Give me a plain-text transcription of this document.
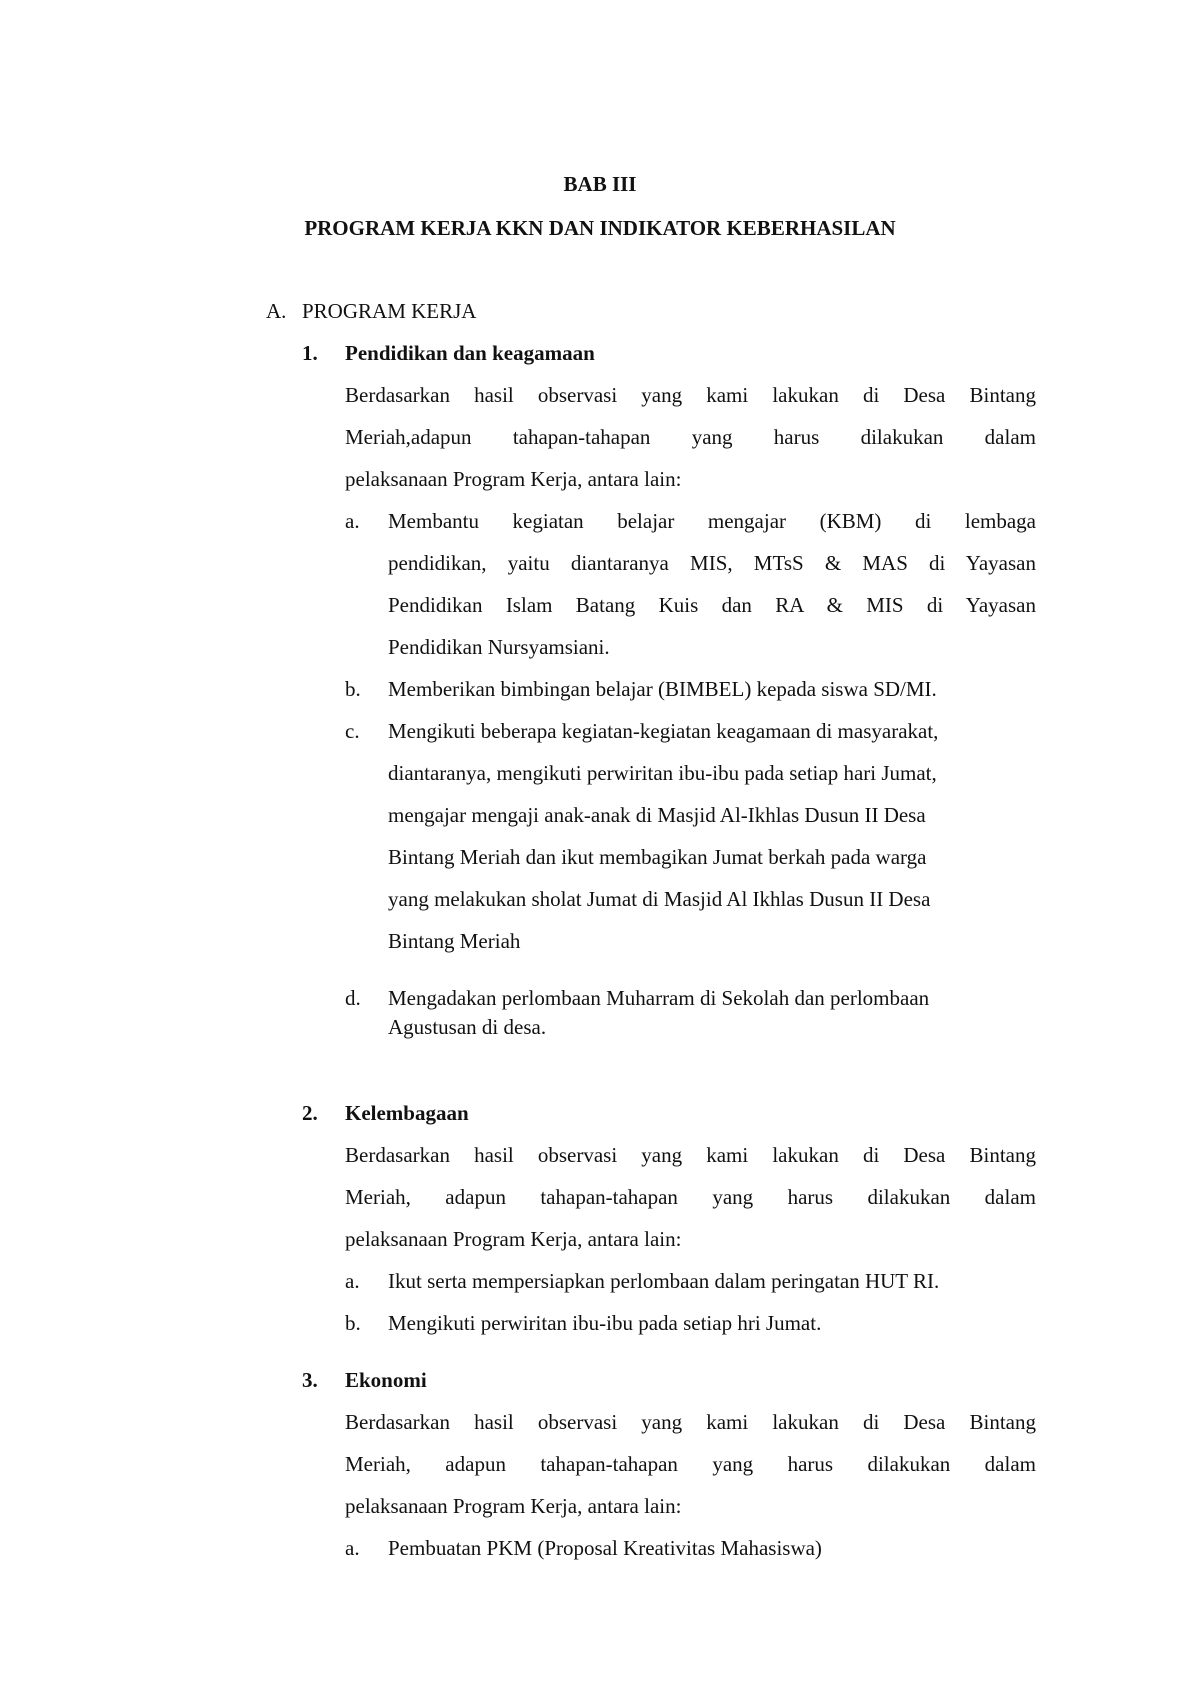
BAB III
PROGRAM KERJA KKN DAN INDIKATOR KEBERHASILAN
A. PROGRAM KERJA
1. Pendidikan dan keagamaan
Berdasarkan hasil observasi yang kami lakukan di Desa Bintang
Meriah,adapun tahapan-tahapan yang harus dilakukan dalam
pelaksanaan Program Kerja, antara lain:
a. Membantu kegiatan belajar mengajar (KBM) di lembaga
pendidikan, yaitu diantaranya MIS, MTsS & MAS di Yayasan
Pendidikan Islam Batang Kuis dan RA & MIS di Yayasan
Pendidikan Nursyamsiani.
b. Memberikan bimbingan belajar (BIMBEL) kepada siswa SD/MI.
c. Mengikuti beberapa kegiatan-kegiatan keagamaan di masyarakat,
diantaranya, mengikuti perwiritan ibu-ibu pada setiap hari Jumat,
mengajar mengaji anak-anak di Masjid Al-Ikhlas Dusun II Desa
Bintang Meriah dan ikut membagikan Jumat berkah pada warga
yang melakukan sholat Jumat di Masjid Al Ikhlas Dusun II Desa
Bintang Meriah
d. Mengadakan perlombaan Muharram di Sekolah dan perlombaan
Agustusan di desa.
2. Kelembagaan
Berdasarkan hasil observasi yang kami lakukan di Desa Bintang
Meriah, adapun tahapan-tahapan yang harus dilakukan dalam
pelaksanaan Program Kerja, antara lain:
a. Ikut serta mempersiapkan perlombaan dalam peringatan HUT RI.
b. Mengikuti perwiritan ibu-ibu pada setiap hri Jumat.
3. Ekonomi
Berdasarkan hasil observasi yang kami lakukan di Desa Bintang
Meriah, adapun tahapan-tahapan yang harus dilakukan dalam
pelaksanaan Program Kerja, antara lain:
a. Pembuatan PKM (Proposal Kreativitas Mahasiswa)
